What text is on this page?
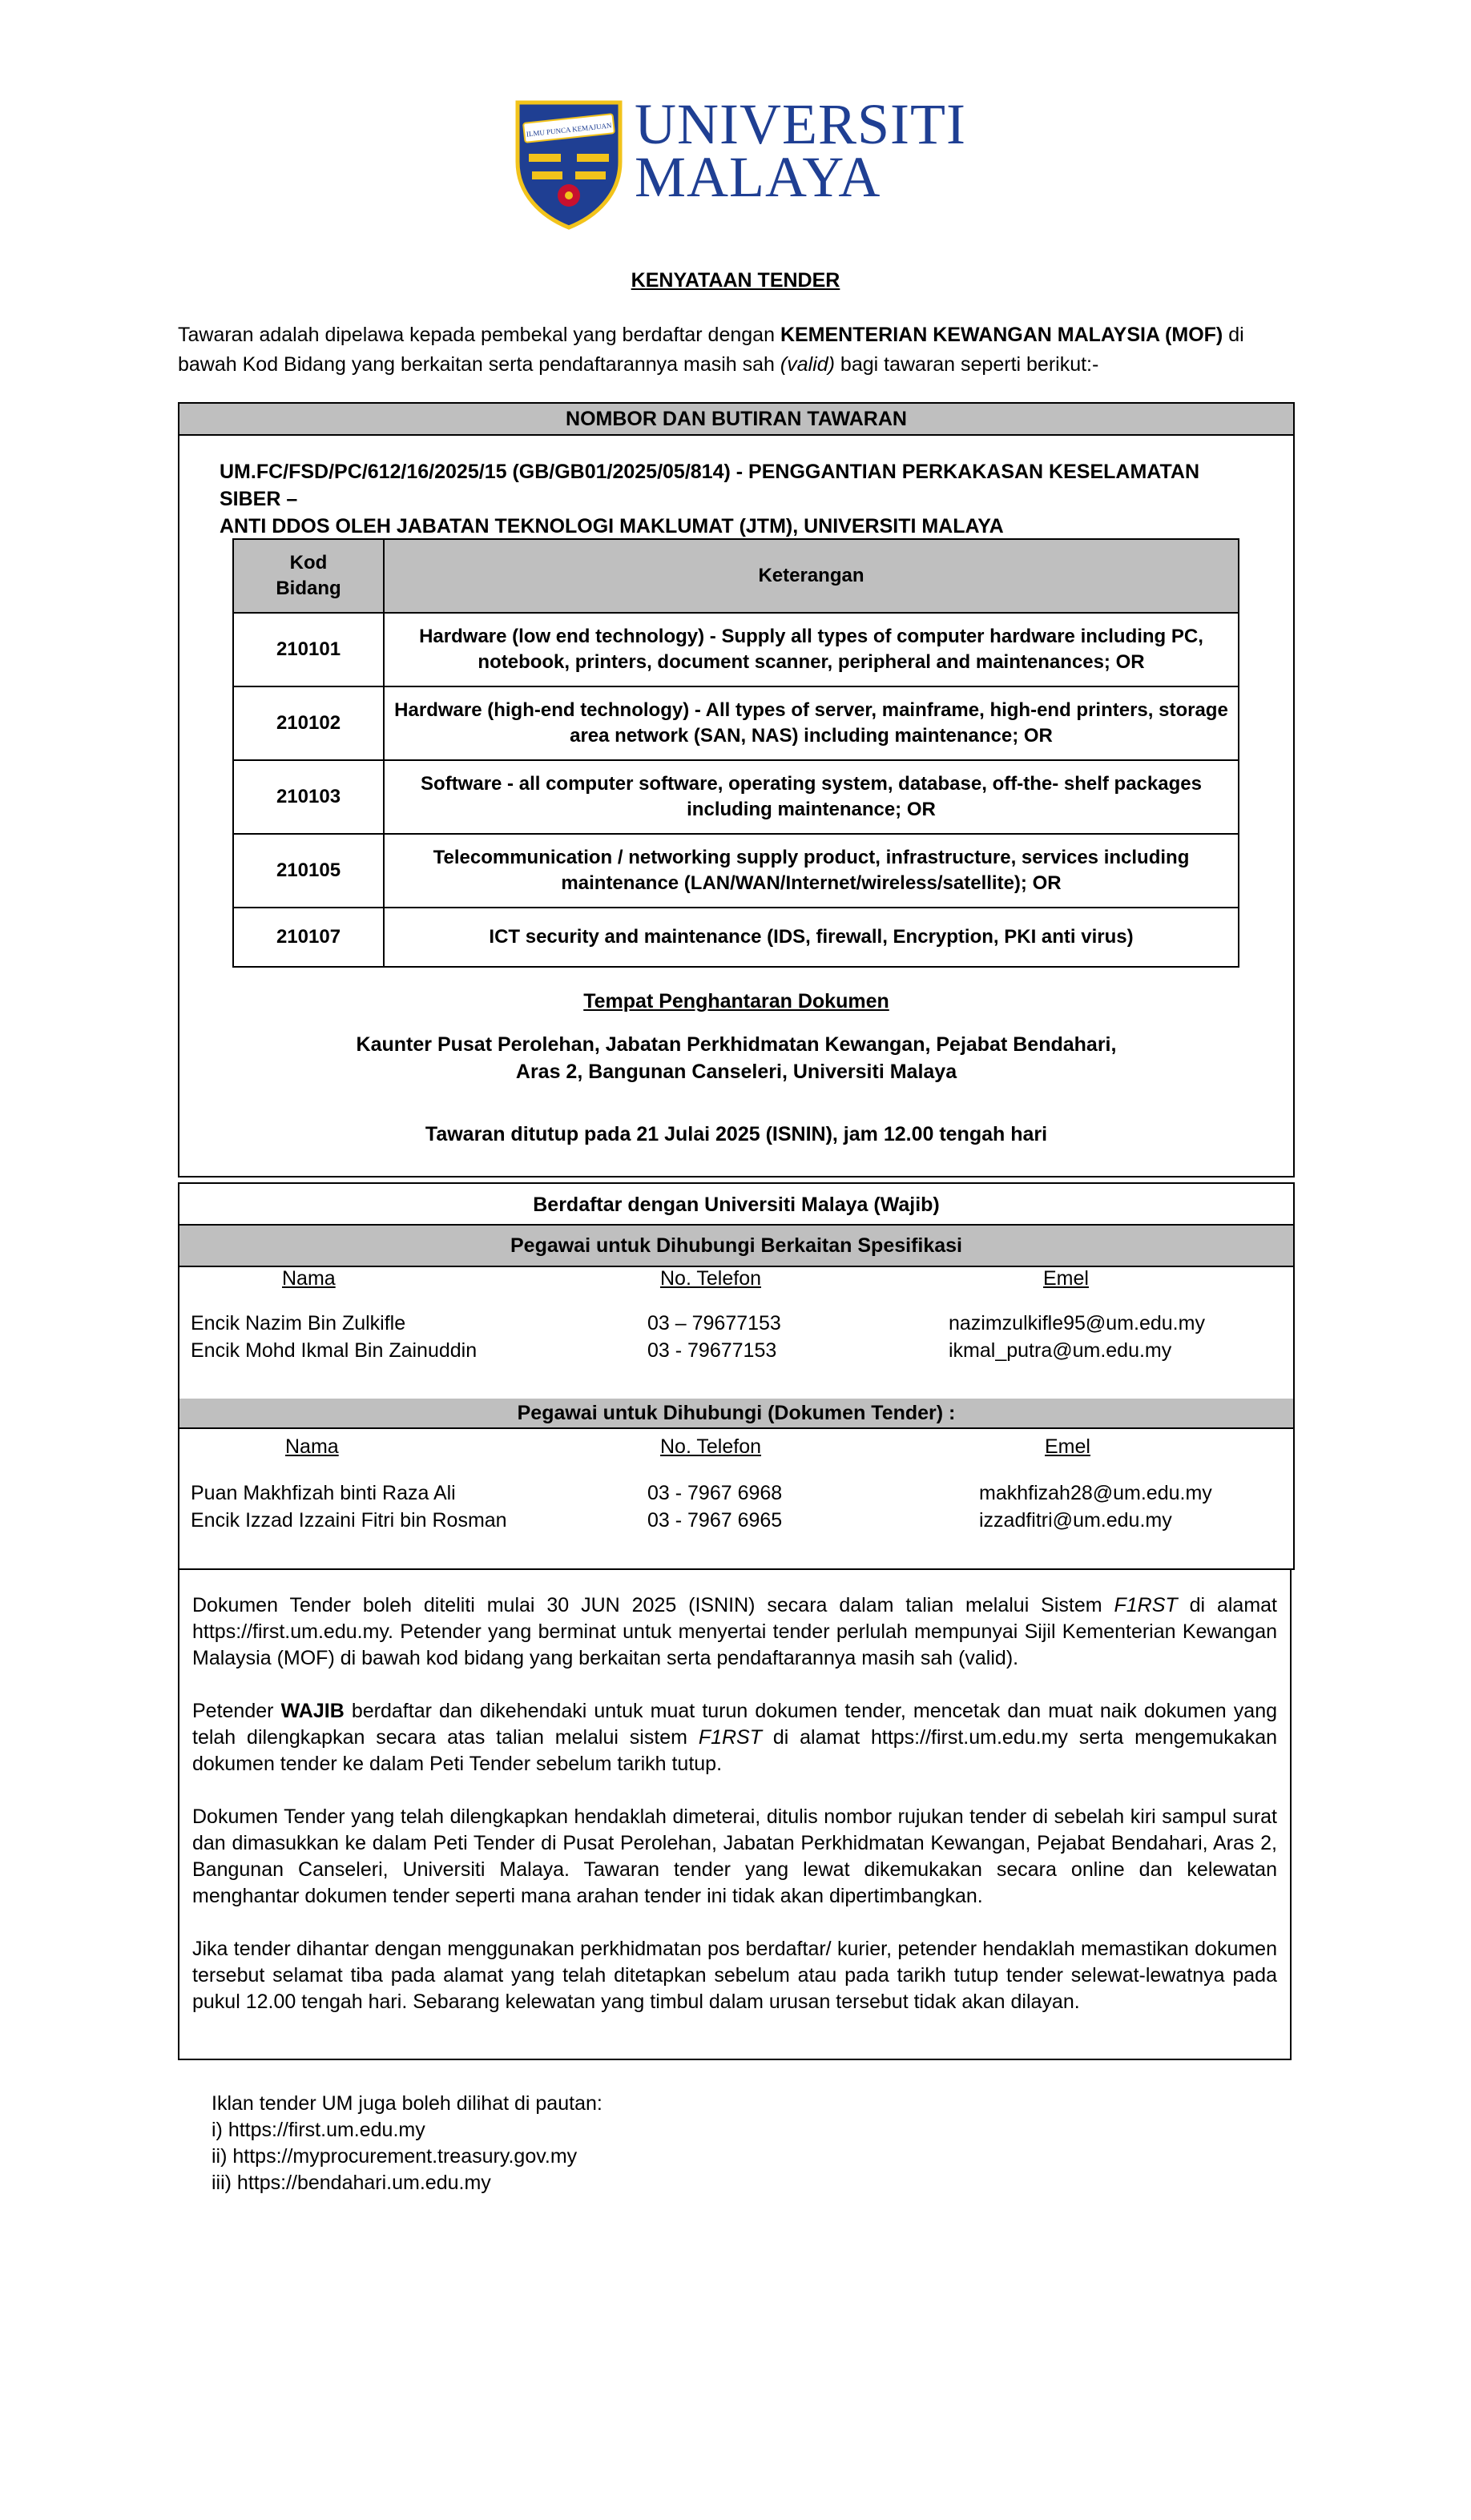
ILMU PUNCA KEMAJUAN UNIVERSITI
MALAYA
KENYATAAN TENDER
Tawaran adalah dipelawa kepada pembekal yang berdaftar dengan KEMENTERIAN KEWANGAN MALAYSIA (MOF) di bawah Kod Bidang yang berkaitan serta pendaftarannya masih sah (valid) bagi tawaran seperti berikut:-
NOMBOR DAN BUTIRAN TAWARAN
UM.FC/FSD/PC/612/16/2025/15 (GB/GB01/2025/05/814) - PENGGANTIAN PERKAKASAN KESELAMATAN SIBER –
ANTI DDOS OLEH JABATAN TEKNOLOGI MAKLUMAT (JTM), UNIVERSITI MALAYA
Kod Bidang	Keterangan
210101	Hardware (low end technology) - Supply all types of computer hardware including PC, notebook, printers, document scanner, peripheral and maintenances; OR
210102	Hardware (high-end technology) - All types of server, mainframe, high-end printers, storage area network (SAN, NAS) including maintenance; OR
210103	Software - all computer software, operating system, database, off-the- shelf packages including maintenance; OR
210105	Telecommunication / networking supply product, infrastructure, services including maintenance (LAN/WAN/Internet/wireless/satellite); OR
210107	ICT security and maintenance (IDS, firewall, Encryption, PKI anti virus)
Tempat Penghantaran Dokumen
Kaunter Pusat Perolehan, Jabatan Perkhidmatan Kewangan, Pejabat Bendahari,
Aras 2, Bangunan Canseleri, Universiti Malaya
Tawaran ditutup pada 21 Julai 2025 (ISNIN), jam 12.00 tengah hari
Berdaftar dengan Universiti Malaya (Wajib)
Pegawai untuk Dihubungi Berkaitan Spesifikasi
Nama	No. Telefon	Emel
Encik Nazim Bin Zulkifle	03 – 79677153	nazimzulkifle95@um.edu.my
Encik Mohd Ikmal Bin Zainuddin	03 - 79677153	ikmal_putra@um.edu.my
Pegawai untuk Dihubungi (Dokumen Tender) :
Nama	No. Telefon	Emel
Puan Makhfizah binti Raza Ali	03 - 7967 6968	makhfizah28@um.edu.my
Encik Izzad Izzaini Fitri bin Rosman	03 - 7967 6965	izzadfitri@um.edu.my

Dokumen Tender boleh diteliti mulai 30 JUN 2025 (ISNIN) secara dalam talian melalui Sistem F1RST di alamat https://first.um.edu.my. Petender yang berminat untuk menyertai tender perlulah mempunyai Sijil Kementerian Kewangan Malaysia (MOF) di bawah kod bidang yang berkaitan serta pendaftarannya masih sah (valid).

Petender WAJIB berdaftar dan dikehendaki untuk muat turun dokumen tender, mencetak dan muat naik dokumen yang telah dilengkapkan secara atas talian melalui sistem F1RST di alamat https://first.um.edu.my serta mengemukakan dokumen tender ke dalam Peti Tender sebelum tarikh tutup.

Dokumen Tender yang telah dilengkapkan hendaklah dimeterai, ditulis nombor rujukan tender di sebelah kiri sampul surat dan dimasukkan ke dalam Peti Tender di Pusat Perolehan, Jabatan Perkhidmatan Kewangan, Pejabat Bendahari, Aras 2, Bangunan Canseleri, Universiti Malaya. Tawaran tender yang lewat dikemukakan secara online dan kelewatan menghantar dokumen tender seperti mana arahan tender ini tidak akan dipertimbangkan.

Jika tender dihantar dengan menggunakan perkhidmatan pos berdaftar/ kurier, petender hendaklah memastikan dokumen tersebut selamat tiba pada alamat yang telah ditetapkan sebelum atau pada tarikh tutup tender selewat-lewatnya pada pukul 12.00 tengah hari. Sebarang kelewatan yang timbul dalam urusan tersebut tidak akan dilayan.

Iklan tender UM juga boleh dilihat di pautan:
i) https://first.um.edu.my
ii) https://myprocurement.treasury.gov.my
iii) https://bendahari.um.edu.my
